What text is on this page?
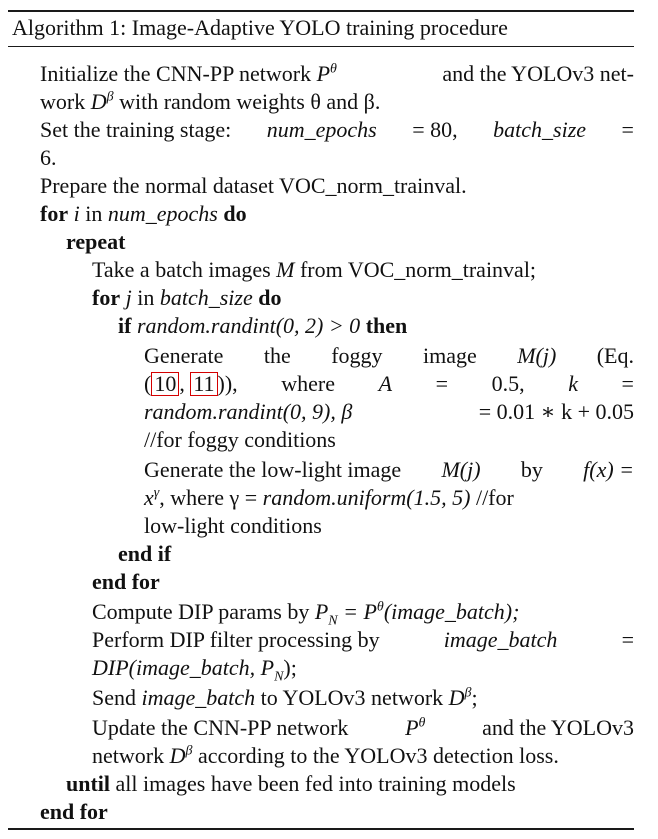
Algorithm 1: Image-Adaptive YOLO training procedure
Initialize the CNN-PP network $P^\theta$	and the YOLOv3 net-
work $D^\beta$ with random weights θ and β.
Set the training stage: num_epochs = 80, batch_size =
6.
Prepare the normal dataset VOC_norm_trainval.
for i in num_epochs do
repeat
Take a batch images M from VOC_norm_trainval;
for j in batch_size do
if random.randint(0, 2) > 0 then
Generate the foggy image M(j) (Eq.
( 10 , 11 )), where A = 0.5, k =
random.randint(0, 9), β	= 0.01 ∗ k + 0.05
//for foggy conditions
Generate the low-light image M(j) by f(x) =
$x^\gamma$, where γ = random.uniform(1.5, 5) //for
low-light conditions
end if
end for
Compute DIP params by $P_N$ = $P^\theta(image\_batch)$;
Perform DIP filter processing by	image_batch	=
DIP(image_batch, $P_N$);
Send image_batch to YOLOv3 network $D^\beta$;
Update the CNN-PP network	$P^\theta$	and the YOLOv3
network $D^\beta$ according to the YOLOv3 detection loss.
until all images have been fed into training models
end for
